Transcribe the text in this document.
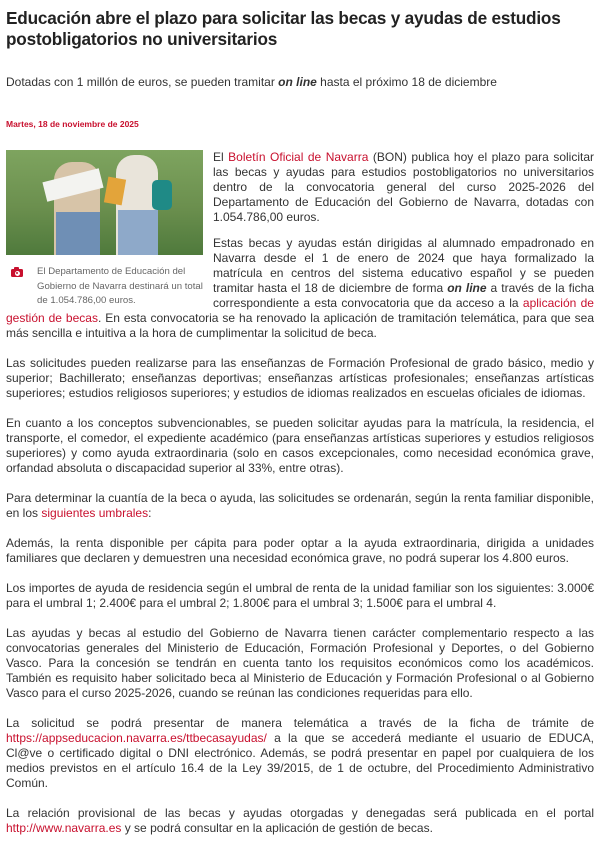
Educación abre el plazo para solicitar las becas y ayudas de estudios postobligatorios no universitarios
Dotadas con 1 millón de euros, se pueden tramitar on line hasta el próximo 18 de diciembre
Martes, 18 de noviembre de 2025
El Departamento de Educación del Gobierno de Navarra destinará un total de 1.054.786,00 euros.

El Boletín Oficial de Navarra (BON) publica hoy el plazo para solicitar las becas y ayudas para estudios postobligatorios no universitarios dentro de la convocatoria general del curso 2025-2026 del Departamento de Educación del Gobierno de Navarra, dotadas con 1.054.786,00 euros.

Estas becas y ayudas están dirigidas al alumnado empadronado en Navarra desde el 1 de enero de 2024 que haya formalizado la matrícula en centros del sistema educativo español y se pueden tramitar hasta el 18 de diciembre de forma on line a través de la ficha correspondiente a esta convocatoria que da acceso a la aplicación de gestión de becas. En esta convocatoria se ha renovado la aplicación de tramitación telemática, para que sea más sencilla e intuitiva a la hora de cumplimentar la solicitud de beca.

Las solicitudes pueden realizarse para las enseñanzas de Formación Profesional de grado básico, medio y superior; Bachillerato; enseñanzas deportivas; enseñanzas artísticas profesionales; enseñanzas artísticas superiores; estudios religiosos superiores; y estudios de idiomas realizados en escuelas oficiales de idiomas.

En cuanto a los conceptos subvencionables, se pueden solicitar ayudas para la matrícula, la residencia, el transporte, el comedor, el expediente académico (para enseñanzas artísticas superiores y estudios religiosos superiores) y como ayuda extraordinaria (solo en casos excepcionales, como necesidad económica grave, orfandad absoluta o discapacidad superior al 33%, entre otras).

Para determinar la cuantía de la beca o ayuda, las solicitudes se ordenarán, según la renta familiar disponible, en los siguientes umbrales:

Además, la renta disponible per cápita para poder optar a la ayuda extraordinaria, dirigida a unidades familiares que declaren y demuestren una necesidad económica grave, no podrá superar los 4.800 euros.

Los importes de ayuda de residencia según el umbral de renta de la unidad familiar son los siguientes: 3.000€ para el umbral 1; 2.400€ para el umbral 2; 1.800€ para el umbral 3; 1.500€ para el umbral 4.

Las ayudas y becas al estudio del Gobierno de Navarra tienen carácter complementario respecto a las convocatorias generales del Ministerio de Educación, Formación Profesional y Deportes, o del Gobierno Vasco. Para la concesión se tendrán en cuenta tanto los requisitos económicos como los académicos. También es requisito haber solicitado beca al Ministerio de Educación y Formación Profesional o al Gobierno Vasco para el curso 2025-2026, cuando se reúnan las condiciones requeridas para ello.

La solicitud se podrá presentar de manera telemática a través de la ficha de trámite de https://appseducacion.navarra.es/ttbecasayudas/ a la que se accederá mediante el usuario de EDUCA, Cl@ve o certificado digital o DNI electrónico. Además, se podrá presentar en papel por cualquiera de los medios previstos en el artículo 16.4 de la Ley 39/2015, de 1 de octubre, del Procedimiento Administrativo Común.

La relación provisional de las becas y ayudas otorgadas y denegadas será publicada en el portal http://www.navarra.es y se podrá consultar en la aplicación de gestión de becas.
